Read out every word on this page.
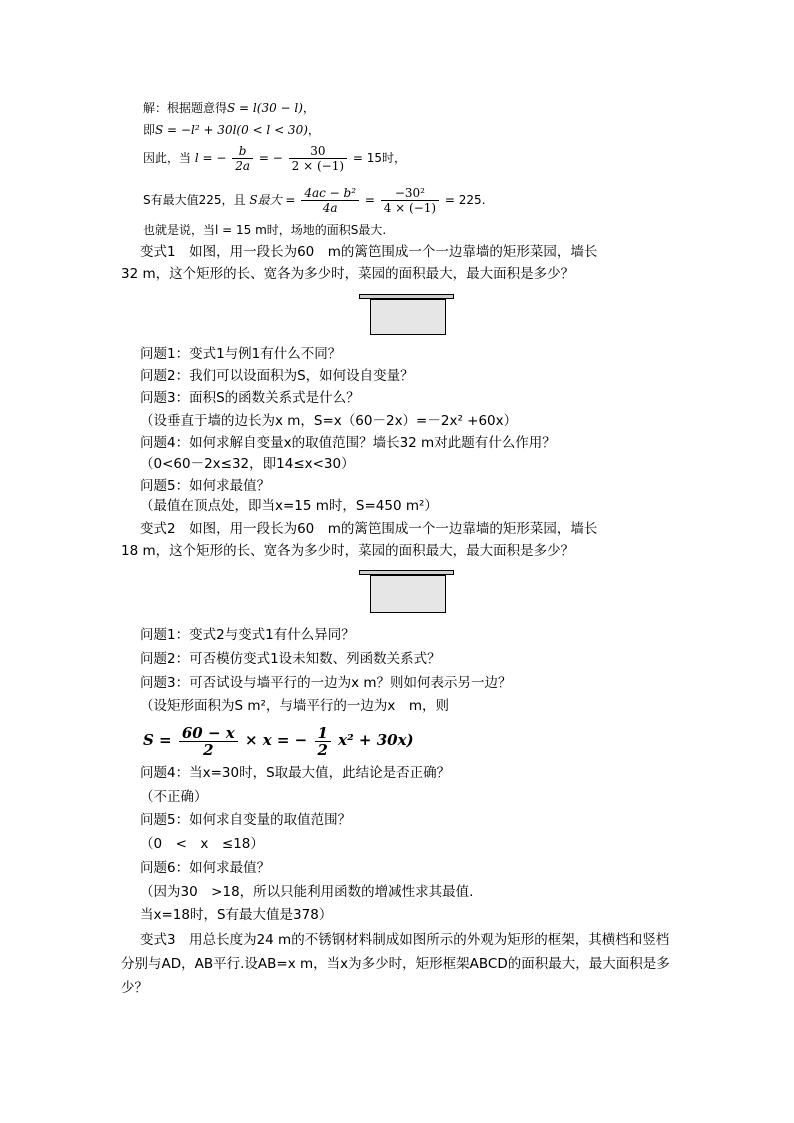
解：根据题意得S = l(30 − l)，
即S = −l² + 30l(0 < l < 30)，
因此，当 l = − $\frac{b}{2a}$ = − $\frac{30}{2 \times (-1)} = 15$时，
S有最大值225，且 S最大 = $\frac{\text{4ac − b²}}{4a} = \frac{\text{−30²}}{4 \times (-1)} = 225$.
也就是说，当l = 15 m时，场地的面积S最大.
变式1　如图，用一段长为60　m的篱笆围成一个一边靠墙的矩形菜园，墙长
32 m，这个矩形的长、宽各为多少时，菜园的面积最大，最大面积是多少？
问题1：变式1与例1有什么不同？
问题2：我们可以设面积为S，如何设自变量？
问题3：面积S的函数关系式是什么？
（设垂直于墙的边长为x m，S=x（60－2x）=－2x² +60x）
问题4：如何求解自变量x的取值范围？墙长32 m对此题有什么作用？
（0<60－2x≤32，即14≤x<30）
问题5：如何求最值？
（最值在顶点处，即当x=15 m时，S=450 m²）
变式2　如图，用一段长为60　m的篱笆围成一个一边靠墙的矩形菜园，墙长
18 m，这个矩形的长、宽各为多少时，菜园的面积最大，最大面积是多少？
问题1：变式2与变式1有什么异同？
问题2：可否模仿变式1设未知数、列函数关系式？
问题3：可否试设与墙平行的一边为x m？则如何表示另一边？
（设矩形面积为S m²，与墙平行的一边为x　m，则
$S = \frac{60 - x}{2} \times x$ = − $\frac{1}{2} x^2 + 30x$)
问题4：当x=30时，S取最大值，此结论是否正确？
（不正确）
问题5：如何求自变量的取值范围？
（0　<　x　≤18）
问题6：如何求最值？
（因为30　>18，所以只能利用函数的增减性求其最值.
当x=18时，S有最大值是378）
变式3　用总长度为24 m的不锈钢材料制成如图所示的外观为矩形的框架，其横档和竖档
分别与AD，AB平行.设AB=x m，当x为多少时，矩形框架ABCD的面积最大，最大面积是多
少？
